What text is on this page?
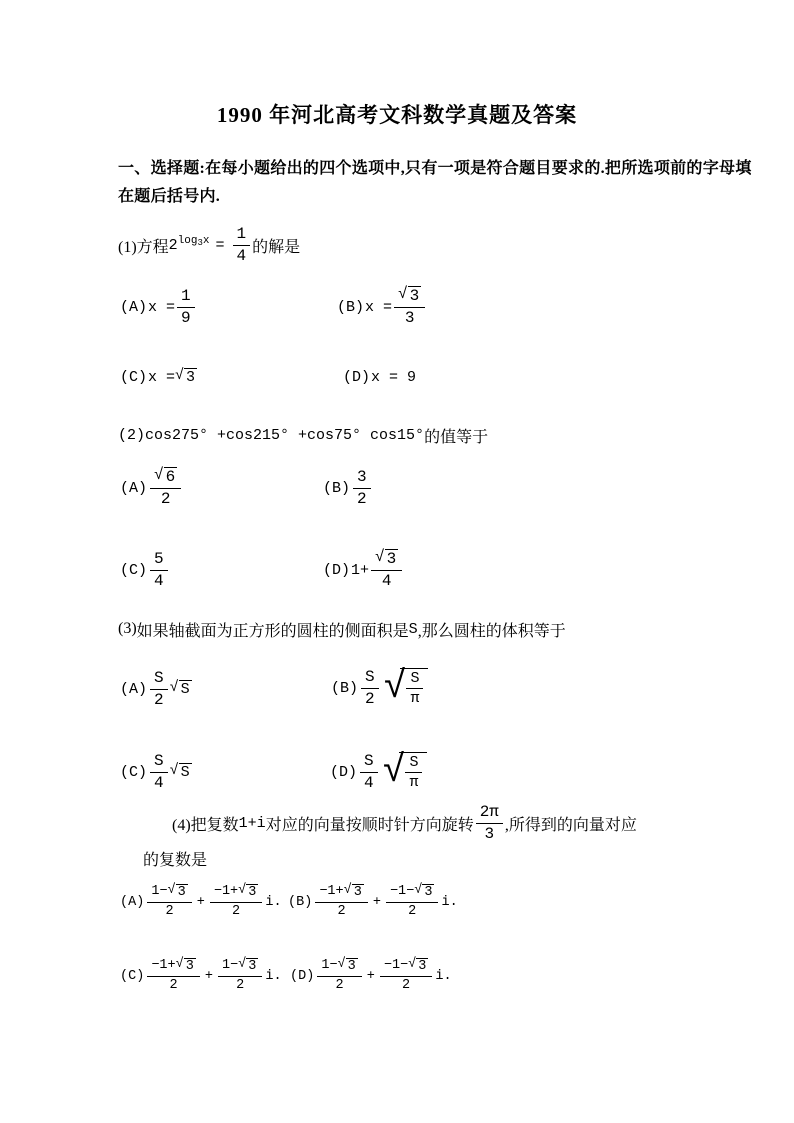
1990 年河北高考文科数学真题及答案
一、选择题:在每小题给出的四个选项中,只有一项是符合题目要求的.把所选项前的字母填
在题后括号内.
(1)方程 $2^{log_3x} = \frac{1}{4}$ 的解是
(A) $x = \frac{1}{9}$	(B) $x = \frac{√ 3}{3}$
(C) x = √ 3	(D) x = 9
(2) cos275° +cos215° +cos75° cos15° 的值等于
$(A) \frac{√ 6}{2}$	$(B) \frac{3}{2}$
$(C) \frac{5}{4}$	(D) $1+ \frac{√ 3}{4}$
(3) 如果轴截面为正方形的圆柱的侧面积是 S ,那么圆柱的体积等于
$(A) \frac{S}{2}$ √ S	$(B) \frac{S}{2}$ √ $\frac{S}{\pi}$
$(C) \frac{S}{4}$ √ S	$(D) \frac{S}{4}$ √ $\frac{S}{\pi}$
(4)把复数 1+i 对应的向量按顺时针方向旋转 $\frac{2\pi}{3}$ ,所得到的向量对应
的复数是
$(A) \frac{1- √ 3}{2} + \frac{-1+ √ 3}{2} i$. $(B) \frac{-1+ √ 3}{2} + \frac{-1- √ 3}{2} i$.
$(C) \frac{-1+ √ 3}{2} + \frac{1- √ 3}{2} i$. $(D) \frac{1- √ 3}{2} + \frac{-1- √ 3}{2} i$.
